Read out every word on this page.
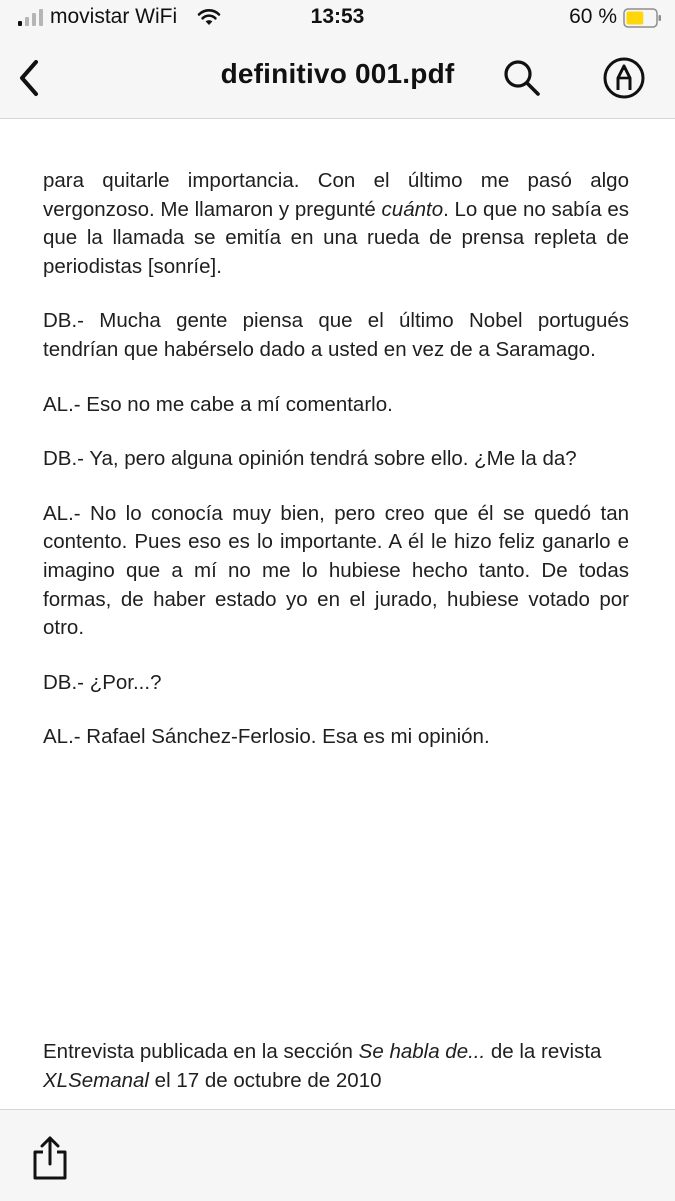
movistar WiFi	13:53	60 %
definitivo 001.pdf

para quitarle importancia. Con el último me pasó algo vergonzoso. Me llamaron y pregunté cuánto. Lo que no sabía es que la llamada se emitía en una rueda de prensa repleta de periodistas [sonríe].

DB.- Mucha gente piensa que el último Nobel portugués tendrían que habérselo dado a usted en vez de a Saramago.

AL.- Eso no me cabe a mí comentarlo.

DB.- Ya, pero alguna opinión tendrá sobre ello. ¿Me la da?

AL.- No lo conocía muy bien, pero creo que él se quedó tan contento. Pues eso es lo importante. A él le hizo feliz ganarlo e imagino que a mí no me lo hubiese hecho tanto. De todas formas, de haber estado yo en el jurado, hubiese votado por otro.

DB.- ¿Por...?

AL.- Rafael Sánchez-Ferlosio. Esa es mi opinión.

Entrevista publicada en la sección Se habla de... de la revista XLSemanal el 17 de octubre de 2010
